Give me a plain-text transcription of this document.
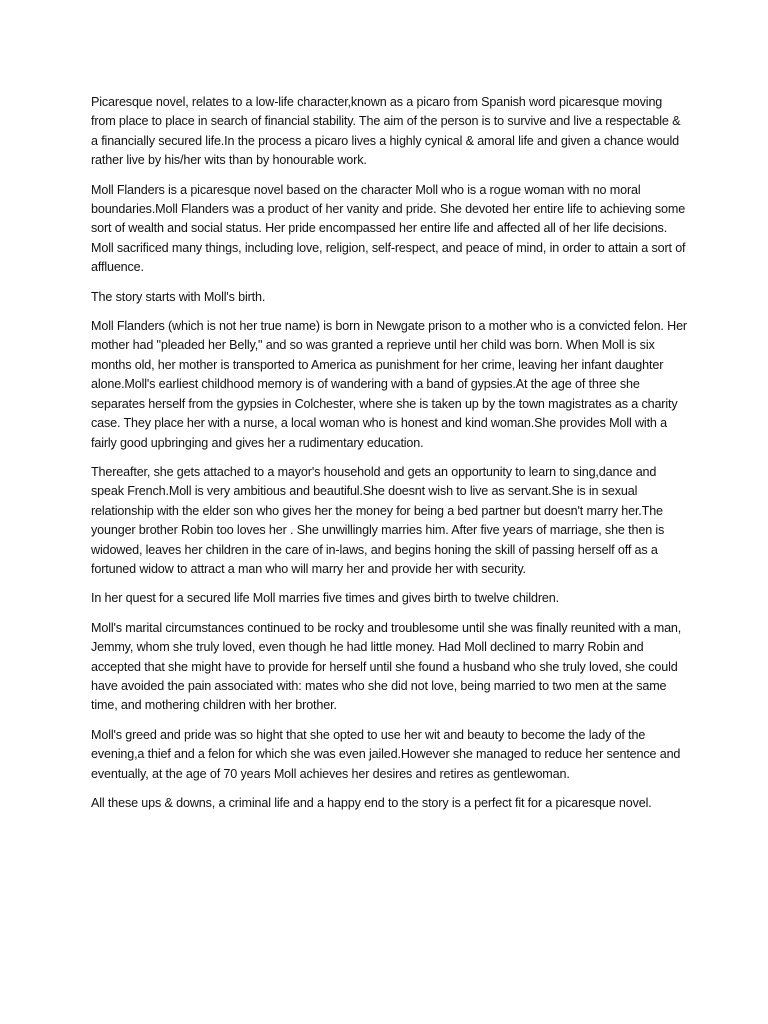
Picaresque novel, relates to a low-life character,known as a picaro from Spanish word picaresque moving from place to place in search of financial stability. The aim of the person is to survive and live a respectable & a financially secured life.In the process a picaro lives a highly cynical & amoral life and given a chance would rather live by his/her wits than by honourable work.

Moll Flanders is a picaresque novel based on the character Moll who is a rogue woman with no moral boundaries.Moll Flanders was a product of her vanity and pride. She devoted her entire life to achieving some sort of wealth and social status. Her pride encompassed her entire life and affected all of her life decisions. Moll sacrificed many things, including love, religion, self-respect, and peace of mind, in order to attain a sort of affluence.

The story starts with Moll's birth.

Moll Flanders (which is not her true name) is born in Newgate prison to a mother who is a convicted felon. Her mother had "pleaded her Belly," and so was granted a reprieve until her child was born. When Moll is six months old, her mother is transported to America as punishment for her crime, leaving her infant daughter alone.Moll's earliest childhood memory is of wandering with a band of gypsies.At the age of three she separates herself from the gypsies in Colchester, where she is taken up by the town magistrates as a charity case. They place her with a nurse, a local woman who is honest and kind woman.She provides Moll with a fairly good upbringing and gives her a rudimentary education.

Thereafter, she gets attached to a mayor's household and gets an opportunity to learn to sing,dance and speak French.Moll is very ambitious and beautiful.She doesnt wish to live as servant.She is in sexual relationship with the elder son who gives her the money for being a bed partner but doesn't marry her.The younger brother Robin too loves her . She unwillingly marries him. After five years of marriage, she then is widowed, leaves her children in the care of in-laws, and begins honing the skill of passing herself off as a fortuned widow to attract a man who will marry her and provide her with security.

In her quest for a secured life Moll marries five times and gives birth to twelve children.

Moll's marital circumstances continued to be rocky and troublesome until she was finally reunited with a man, Jemmy, whom she truly loved, even though he had little money. Had Moll declined to marry Robin and accepted that she might have to provide for herself until she found a husband who she truly loved, she could have avoided the pain associated with: mates who she did not love, being married to two men at the same time, and mothering children with her brother.

Moll's greed and pride was so hight that she opted to use her wit and beauty to become the lady of the evening,a thief and a felon for which she was even jailed.However she managed to reduce her sentence and eventually, at the age of 70 years Moll achieves her desires and retires as gentlewoman.

All these ups & downs, a criminal life and a happy end to the story is a perfect fit for a picaresque novel.
